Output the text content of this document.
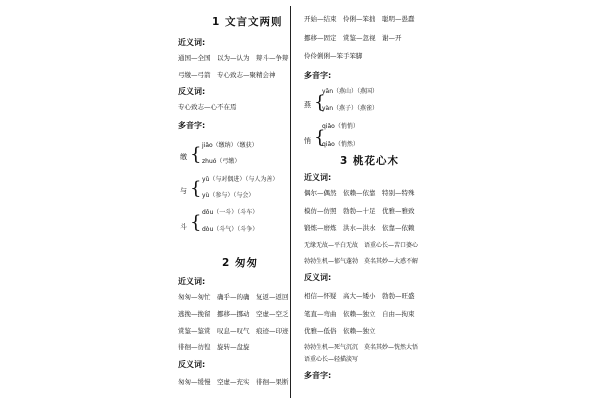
1 文言文两则
近义词:
通国—全国　以为—认为　辩斗—争辩
弓缴—弓箭　专心致志—聚精会神
反义词:
专心致志—心不在焉
多音字:
jiǎo（缴纳）（缴获）
缴 { zhuó（弓缴）
yǔ（与对偶进）（与人为善）
与 { yù（参与）（与会）
dǒu（一斗）（斗车）
斗 { dòu（斗气）（斗争）
2 匆匆
近义词:
匆匆—匆忙　确乎—的确　复返—返回
逃挽—挽留　挪移—挪动　空虚—空乏
赏鉴—鉴赏　叹息—叹气　痕迹—印迹
徘徊—彷徨　旋转—盘旋
反义词:
匆匆—缓慢　空虚—充实　徘徊—果断
开始—结束　伶俐—笨拙　聪明—愚蠢
挪移—固定　赏鉴—忽视　谢—开
伶伶俐俐—笨手笨脚
多音字:
yān（燕山）（燕国）
燕 {
yàn（燕子）（燕雀）
qiǎo（悄悄）
悄 {
qiǎo（悄然）
3 桃花心木
近义词:
偶尔—偶然　依赖—依靠　特别—特殊
模仿—仿照　勃勃—十足　优雅—雅致
锻炼—磨炼　洪水—洪水　依靠—依赖
无缘无故—平白无故　语重心长—苦口婆心
勃勃生机—郁气蓬勃　莫名其妙—大惑不解
反义词:
相信—怀疑　高大—矮小　勃勃—旺盛
笔直—弯曲　依赖—独立　自由—拘束
优雅—低俗　依赖—独立
勃勃生机—死气沉沉　莫名其妙—恍然大悟
语重心长—轻描淡写
多音字:
